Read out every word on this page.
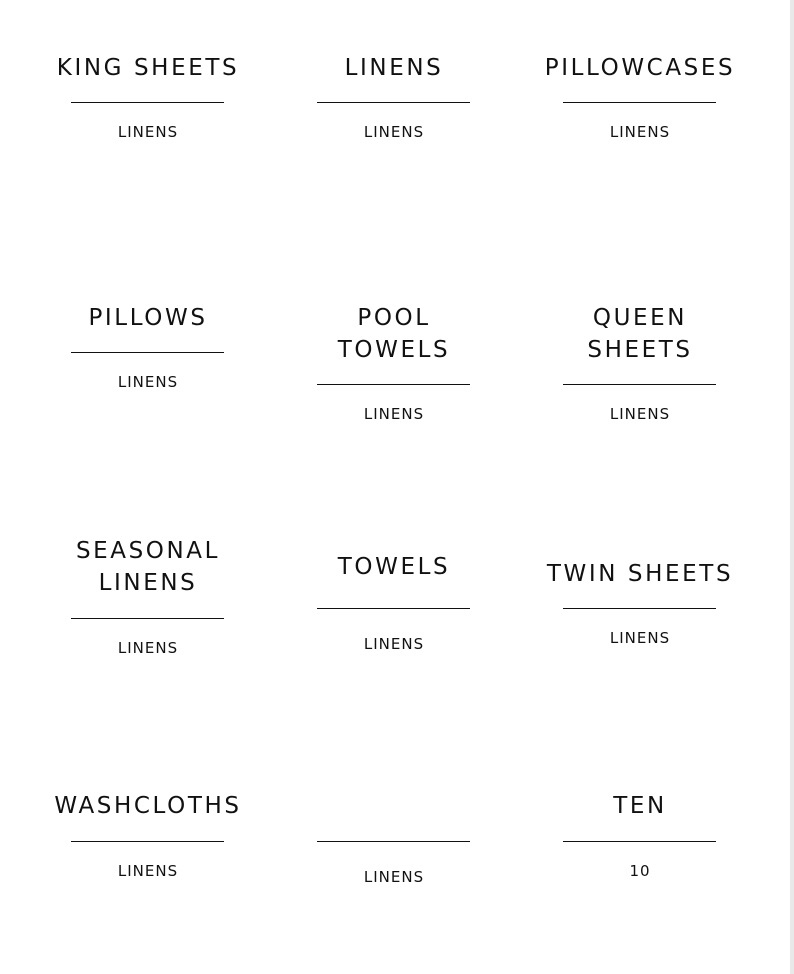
KING SHEETS
LINENS
LINENS
LINENS
PILLOWCASES
LINENS
PILLOWS
LINENS
POOL
TOWELS
LINENS
QUEEN
SHEETS
LINENS
SEASONAL
LINENS
LINENS
TOWELS
LINENS
TWIN SHEETS
LINENS
WASHCLOTHS
LINENS	LINENS
TEN
10
